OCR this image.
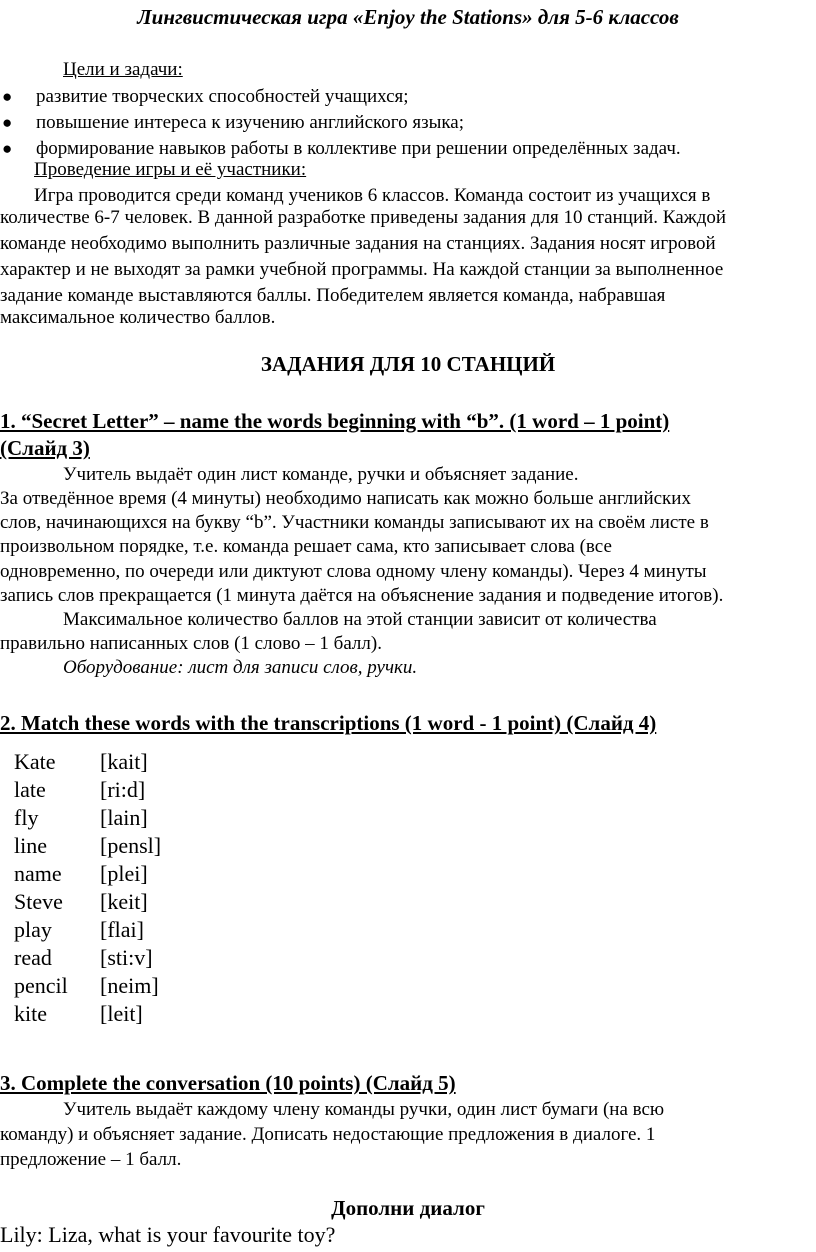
Лингвистическая игра «Enjoy the Stations» для 5-6 классов
Цели и задачи:
● развитие творческих способностей учащихся;
● повышение интереса к изучению английского языка;
● формирование навыков работы в коллективе при решении определённых задач.
Проведение игры и её участники:
Игра проводится среди команд учеников 6 классов. Команда состоит из учащихся в
количестве 6-7 человек. В данной разработке приведены задания для 10 станций. Каждой
команде необходимо выполнить различные задания на станциях. Задания носят игровой
характер и не выходят за рамки учебной программы. На каждой станции за выполненное
задание команде выставляются баллы. Победителем является команда, набравшая
максимальное количество баллов.
ЗАДАНИЯ ДЛЯ 10 СТАНЦИЙ
1. “Secret Letter” – name the words beginning with “b”. (1 word – 1 point)
(Слайд 3)
Учитель выдаёт один лист команде, ручки и объясняет задание.
За отведённое время (4 минуты) необходимо написать как можно больше английских
слов, начинающихся на букву “b”. Участники команды записывают их на своём листе в
произвольном порядке, т.е. команда решает сама, кто записывает слова (все
одновременно, по очереди или диктуют слова одному члену команды). Через 4 минуты
запись слов прекращается (1 минута даётся на объяснение задания и подведение итогов).
Максимальное количество баллов на этой станции зависит от количества
правильно написанных слов (1 слово – 1 балл).
Оборудование: лист для записи слов, ручки.
2. Match these words with the transcriptions (1 word - 1 point) (Слайд 4)
Kate [kait]
late [ri:d]
fly	[lain]
line [pensl]
name [plei]
Steve [keit]
play [flai]
read [sti:v]
pencil [neim]
kite [leit]
3. Complete the conversation (10 points) (Слайд 5)
Учитель выдаёт каждому члену команды ручки, один лист бумаги (на всю
команду) и объясняет задание. Дописать недостающие предложения в диалоге. 1
предложение – 1 балл.
Дополни диалог
Lily: Liza, what is your favourite toy?
